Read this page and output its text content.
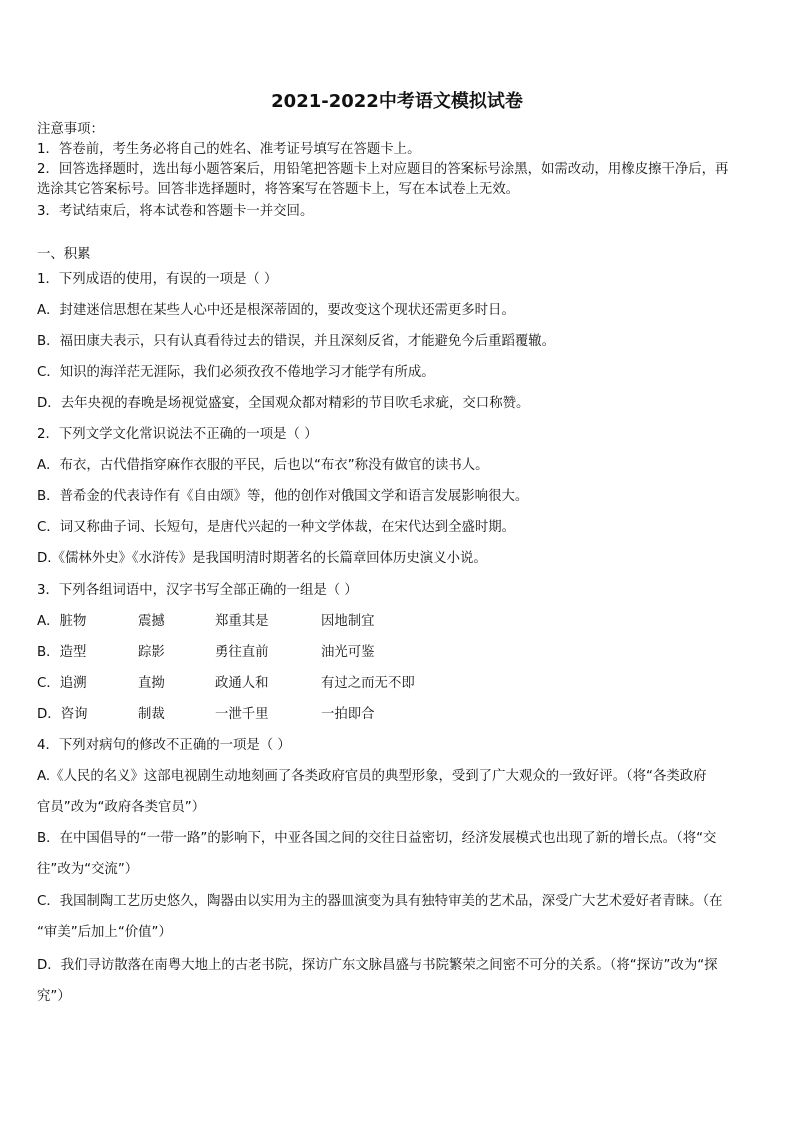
2021-2022中考语文模拟试卷
注意事项：
1．答卷前，考生务必将自己的姓名、准考证号填写在答题卡上。
2．回答选择题时，选出每小题答案后，用铅笔把答题卡上对应题目的答案标号涂黑，如需改动，用橡皮擦干净后，再
选涂其它答案标号。回答非选择题时，将答案写在答题卡上，写在本试卷上无效。
3．考试结束后，将本试卷和答题卡一并交回。
一、积累
1．下列成语的使用，有误的一项是（ ）
A．封建迷信思想在某些人心中还是根深蒂固的，要改变这个现状还需更多时日。
B．福田康夫表示，只有认真看待过去的错误，并且深刻反省，才能避免今后重蹈覆辙。
C．知识的海洋茫无涯际，我们必须孜孜不倦地学习才能学有所成。
D．去年央视的春晚是场视觉盛宴，全国观众都对精彩的节目吹毛求疵，交口称赞。
2．下列文学文化常识说法不正确的一项是（ ）
A．布衣，古代借指穿麻作衣服的平民，后也以“布衣”称没有做官的读书人。
B．普希金的代表诗作有《自由颂》等，他的创作对俄国文学和语言发展影响很大。
C．词又称曲子词、长短句，是唐代兴起的一种文学体裁，在宋代达到全盛时期。
D.《儒林外史》《水浒传》是我国明清时期著名的长篇章回体历史演义小说。
3．下列各组词语中，汉字书写全部正确的一组是（ ）
A．脏物	震撼	郑重其是	因地制宜
B．造型	踪影	勇往直前	油光可鉴
C．追溯	直拗	政通人和	有过之而无不即
D．咨询	制裁	一泄千里	一拍即合
4．下列对病句的修改不正确的一项是（ ）
A.《人民的名义》这部电视剧生动地刻画了各类政府官员的典型形象，受到了广大观众的一致好评。（将“各类政府
官员”改为“政府各类官员”）
B．在中国倡导的“一带一路”的影响下，中亚各国之间的交往日益密切，经济发展模式也出现了新的增长点。（将“交
往”改为“交流”）
C．我国制陶工艺历史悠久，陶器由以实用为主的器皿演变为具有独特审美的艺术品，深受广大艺术爱好者青睐。（在
“审美”后加上“价值”）
D．我们寻访散落在南粤大地上的古老书院，探访广东文脉昌盛与书院繁荣之间密不可分的关系。（将“探访”改为“探
究”）
